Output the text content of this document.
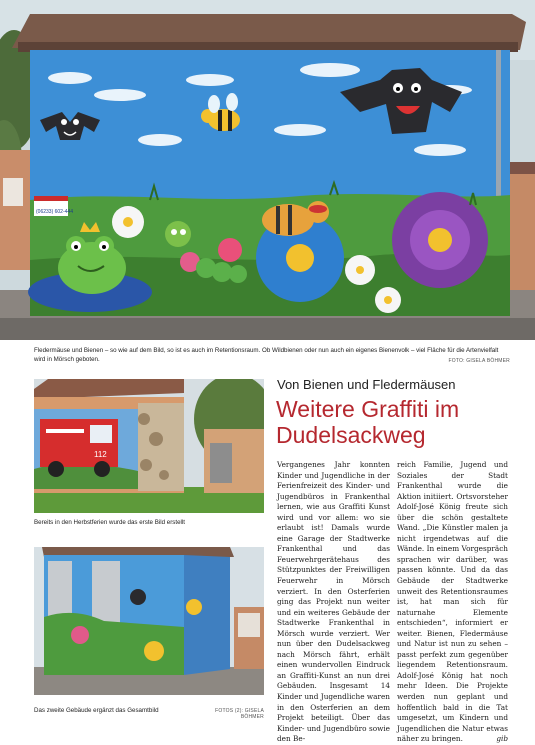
(06233) 602-444
Fledermäuse und Bienen – so wie auf dem Bild, so ist es auch im Retentionsraum. Ob Wildbienen oder nun auch ein eigenes Bienenvolk – viel Fläche für die Artenvielfalt wird in Mörsch geboten.	FOTO: GISELA BÖHMER
112
Bereits in den Herbstferien wurde das erste Bild erstellt
Das zweite Gebäude ergänzt das Gesamtbild	FOTOS (2): GISELA BÖHMER
Von Bienen und Fledermäusen
Weitere Graffiti im
Dudelsackweg

Vergangenes Jahr konnten Kinder und Jugendliche in der Ferienfreizeit des Kinder- und Jugendbüros in Frankenthal lernen, wie aus Graffiti Kunst wird und vor allem: wo sie erlaubt ist! Damals wurde eine Garage der Stadtwerke Frankenthal und das Feuerwehrgerätehaus des Stützpunktes der Freiwilligen Feuerwehr in Mörsch verziert. In den Osterferien ging das Projekt nun weiter und ein weiteres Gebäude der Stadtwerke Frankenthal in Mörsch wurde verziert. Wer nun über den Dudelsackweg nach Mörsch fährt, erhält einen wundervollen Eindruck an Graffiti-Kunst an nun drei Gebäuden. Insgesamt 14 Kinder und Jugendliche waren in den Osterferien an dem Projekt beteiligt. Über das Kinder- und Jugendbüro sowie den Be-

reich Familie, Jugend und Soziales der Stadt Frankenthal wurde die Aktion initiiert. Ortsvorsteher Adolf-José König freute sich über die schön gestaltete Wand. „Die Künstler malen ja nicht irgendetwas auf die Wände. In einem Vorgespräch sprachen wir darüber, was passen könnte. Und da das Gebäude der Stadtwerke unweit des Retentionsraumes ist, hat man sich für naturnahe Elemente entschieden“, informiert er weiter. Bienen, Fledermäuse und Natur ist nun zu sehen – passt perfekt zum gegenüber liegendem Retentionsraum. Adolf-José König hat noch mehr Ideen. Die Projekte werden nun geplant und hoffentlich bald in die Tat umgesetzt, um Kindern und Jugendlichen die Natur etwas näher zu bringen.	gib
